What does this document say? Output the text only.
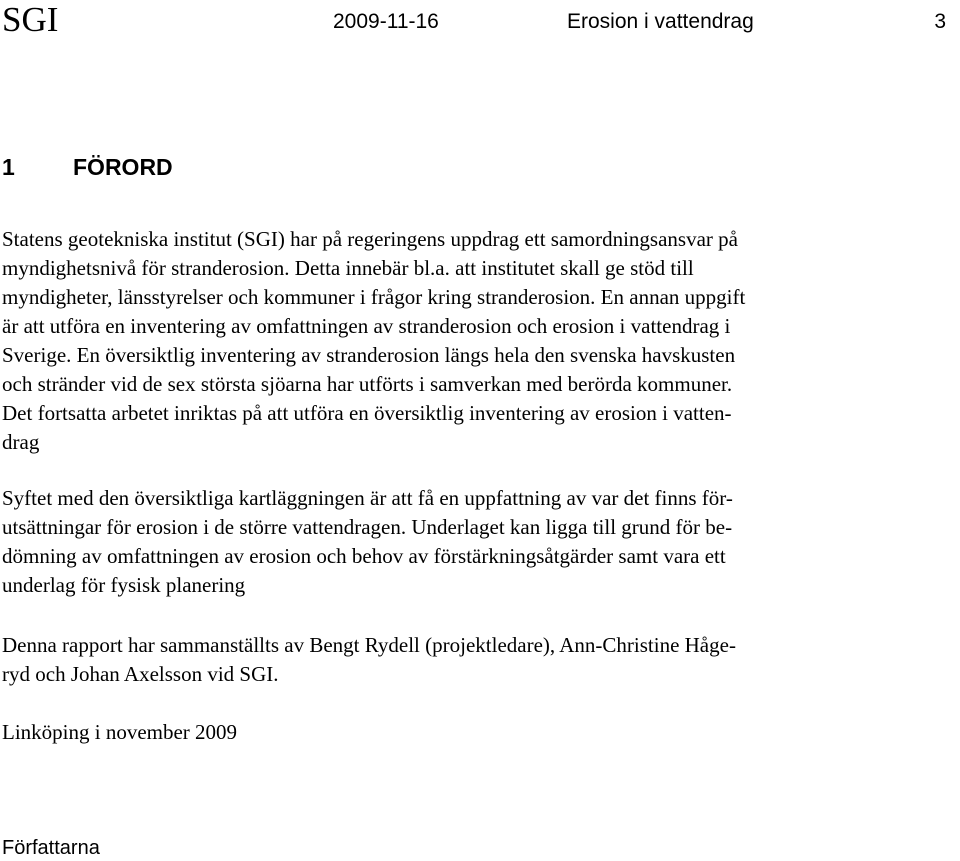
SGI	2009-11-16	Erosion i vattendrag	3
1	FÖRORD

Statens geotekniska institut (SGI) har på regeringens uppdrag ett samordningsansvar på
myndighetsnivå för stranderosion. Detta innebär bl.a. att institutet skall ge stöd till
myndigheter, länsstyrelser och kommuner i frågor kring stranderosion. En annan uppgift
är att utföra en inventering av omfattningen av stranderosion och erosion i vattendrag i
Sverige. En översiktlig inventering av stranderosion längs hela den svenska havskusten
och stränder vid de sex största sjöarna har utförts i samverkan med berörda kommuner.
Det fortsatta arbetet inriktas på att utföra en översiktlig inventering av erosion i vatten-
drag

Syftet med den översiktliga kartläggningen är att få en uppfattning av var det finns för-
utsättningar för erosion i de större vattendragen. Underlaget kan ligga till grund för be-
dömning av omfattningen av erosion och behov av förstärkningsåtgärder samt vara ett
underlag för fysisk planering

Denna rapport har sammanställts av Bengt Rydell (projektledare), Ann-Christine Håge-
ryd och Johan Axelsson vid SGI.

Linköping i november 2009

Författarna
